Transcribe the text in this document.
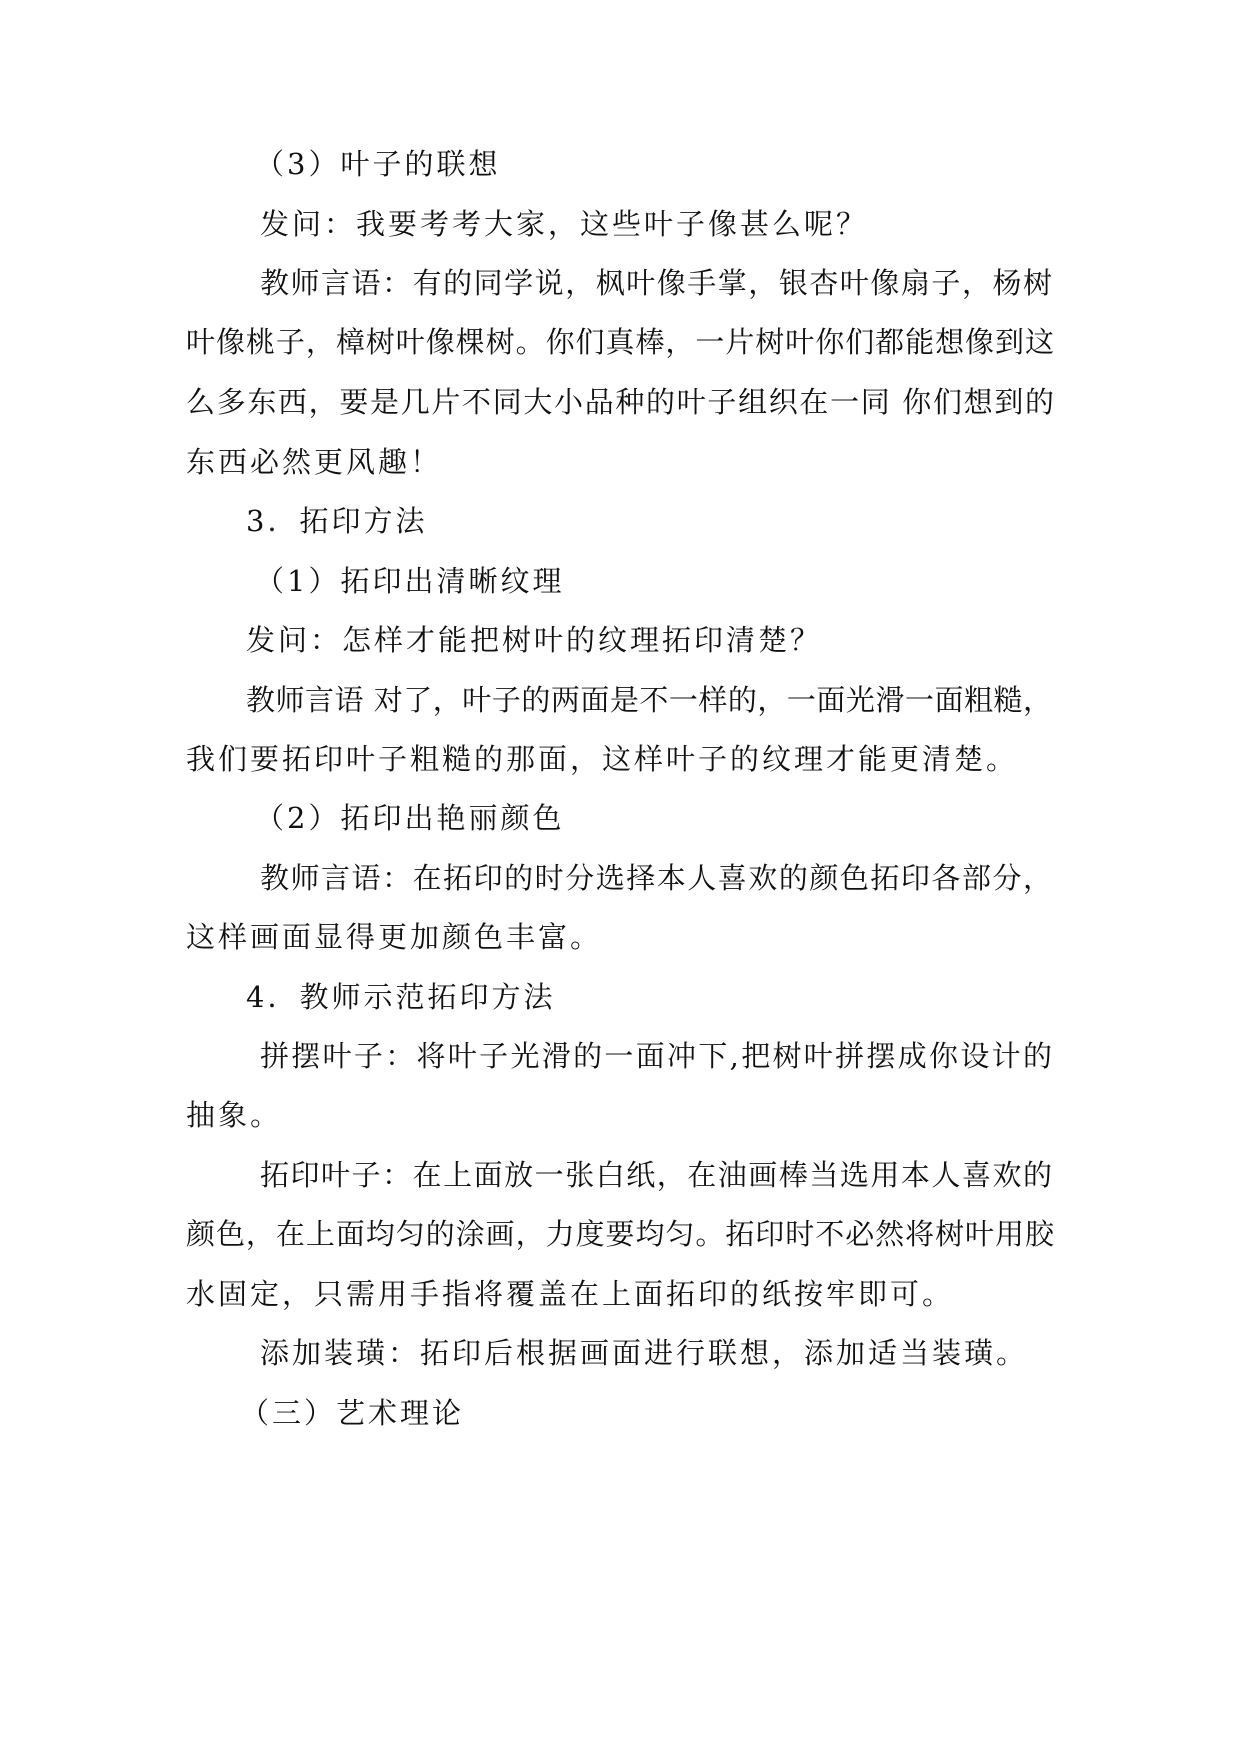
（3）叶子的联想
发问：我要考考大家，这些叶子像甚么呢？
教师言语：有的同学说，枫叶像手掌，银杏叶像扇子，杨树
叶像桃子，樟树叶像棵树。你们真棒，一片树叶你们都能想像到这
么多东西，要是几片不同大小品种的叶子组织在一同 你们想到的
东西必然更风趣！
3．拓印方法
（1）拓印出清晰纹理
发问：怎样才能把树叶的纹理拓印清楚？
教师言语 对了，叶子的两面是不一样的，一面光滑一面粗糙，
我们要拓印叶子粗糙的那面，这样叶子的纹理才能更清楚。
（2）拓印出艳丽颜色
教师言语：在拓印的时分选择本人喜欢的颜色拓印各部分，
这样画面显得更加颜色丰富。
4．教师示范拓印方法
拼摆叶子：将叶子光滑的一面冲下,把树叶拼摆成你设计的
抽象。
拓印叶子：在上面放一张白纸，在油画棒当选用本人喜欢的
颜色，在上面均匀的涂画，力度要均匀。拓印时不必然将树叶用胶
水固定，只需用手指将覆盖在上面拓印的纸按牢即可。
添加装璜：拓印后根据画面进行联想，添加适当装璜。
（三）艺术理论
